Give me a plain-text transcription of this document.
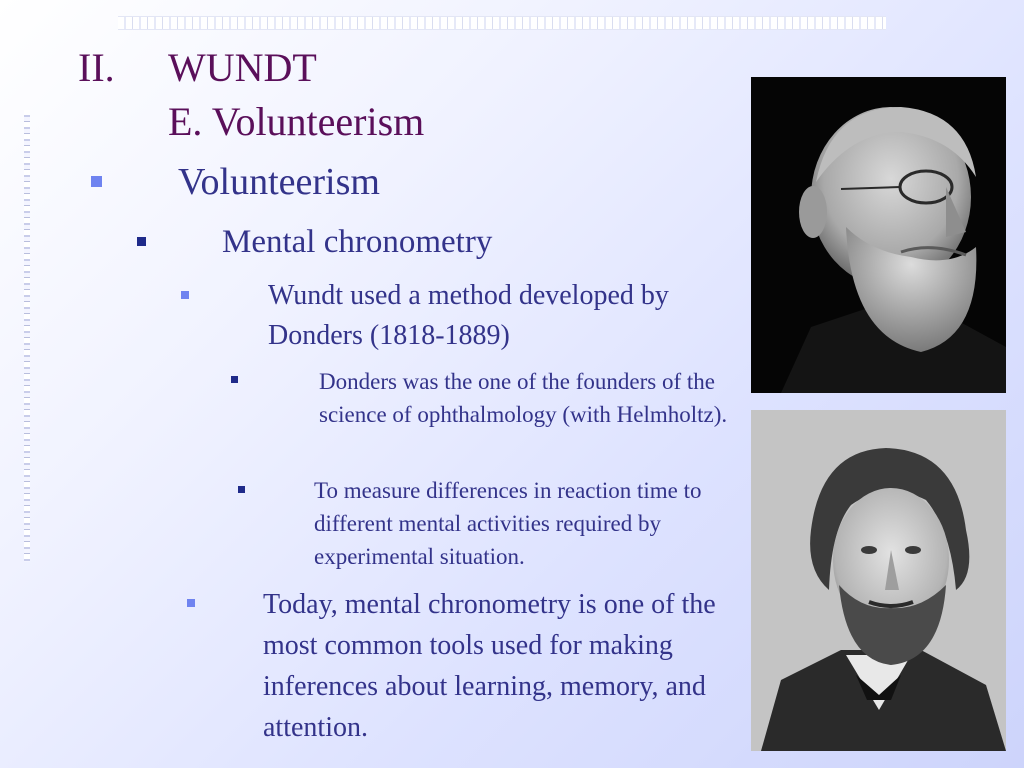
II. WUNDT
E. Volunteerism
Volunteerism
Mental chronometry
Wundt used a method developed by Donders (1818-1889)
Donders was the one of the founders of the science of ophthalmology (with Helmholtz).
To measure differences in reaction time to different mental activities required by experimental situation.
Today, mental chronometry is one of the most common tools used for making inferences about learning, memory, and attention.
